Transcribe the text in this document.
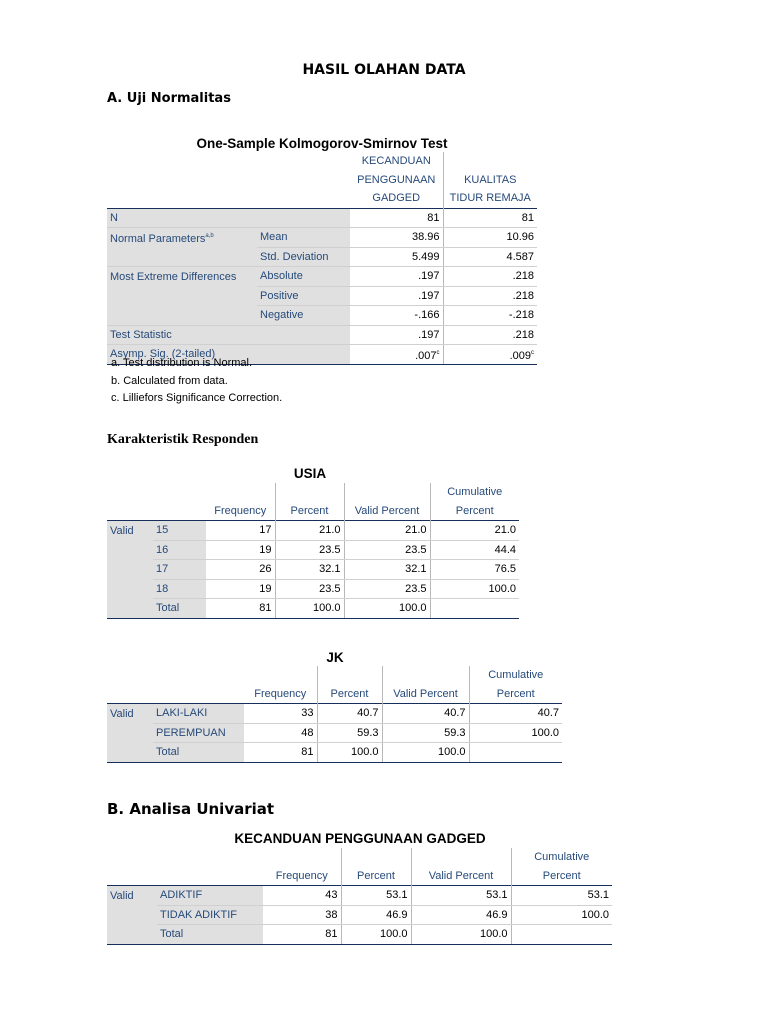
HASIL OLAHAN DATA
A. Uji Normalitas
One-Sample Kolmogorov-Smirnov Test
		KECANDUAN	
		PENGGUNAAN	KUALITAS
		GADGED	TIDUR REMAJA
N		81	81
Normal Parameters$^{a,b}$	Mean	38.96	10.96
	Std. Deviation	5.499	4.587
Most Extreme Differences	Absolute	.197	.218
	Positive	.197	.218
	Negative	-.166	-.218
Test Statistic		.197	.218
Asymp. Sig. (2-tailed)		.007$^c$	.009$^c$
a. Test distribution is Normal.
b. Calculated from data.
c. Lilliefors Significance Correction.
Karakteristik Responden
USIA
					Cumulative
		Frequency	Percent	Valid Percent	Percent
Valid	15	17	21.0	21.0	21.0
	16	19	23.5	23.5	44.4
	17	26	32.1	32.1	76.5
	18	19	23.5	23.5	100.0
	Total	81	100.0	100.0	
JK
					Cumulative
		Frequency	Percent	Valid Percent	Percent
Valid	LAKI-LAKI	33	40.7	40.7	40.7
	PEREMPUAN	48	59.3	59.3	100.0
	Total	81	100.0	100.0	
B. Analisa Univariat
KECANDUAN PENGGUNAAN GADGED
					Cumulative
		Frequency	Percent	Valid Percent	Percent
Valid	ADIKTIF	43	53.1	53.1	53.1
	TIDAK ADIKTIF	38	46.9	46.9	100.0
	Total	81	100.0	100.0	
